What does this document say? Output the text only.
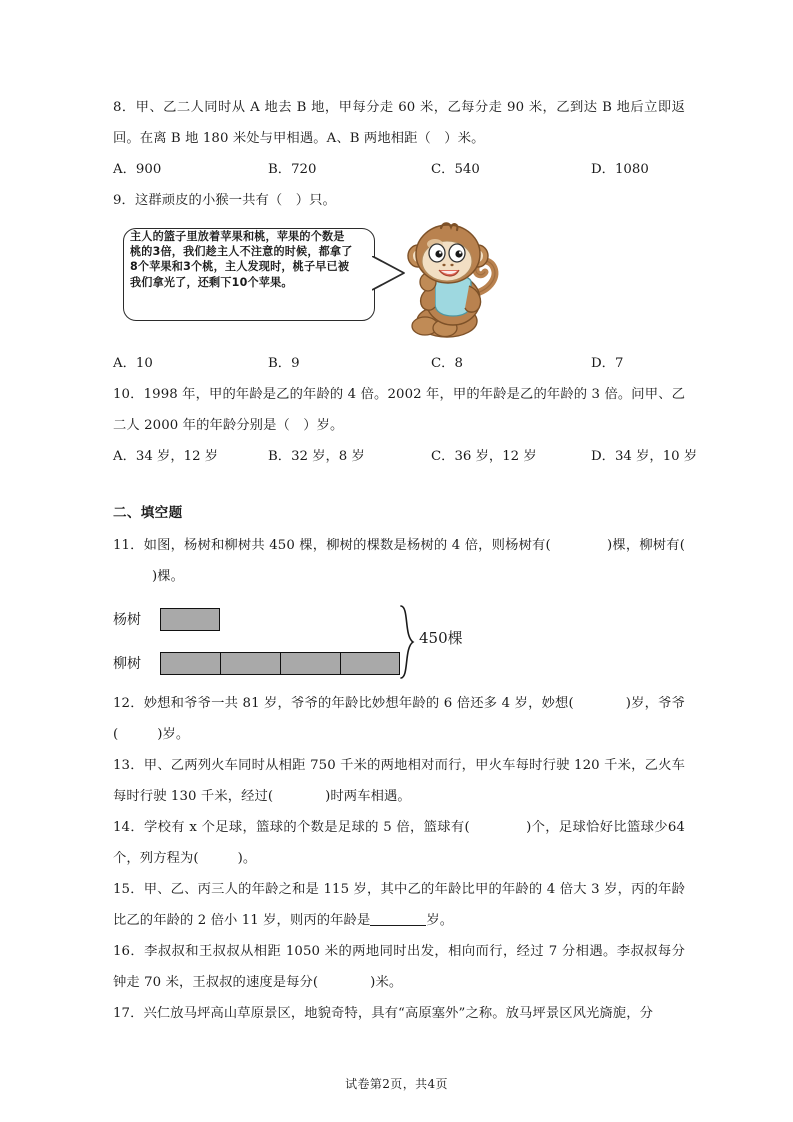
8．甲、乙二人同时从 A 地去 B 地，甲每分走 60 米，乙每分走 90 米，乙到达 B 地后立即返回。在离 B 地 180 米处与甲相遇。A、B 两地相距（　）米。
A．900	B．720	C．540	D．1080
9．这群顽皮的小猴一共有（　）只。
主人的篮子里放着苹果和桃，苹果的个数是桃的3倍，我们趁主人不注意的时候，都拿了8个苹果和3个桃，主人发现时，桃子早已被我们拿光了，还剩下10个苹果。
A．10	B．9	C．8	D．7
10．1998 年，甲的年龄是乙的年龄的 4 倍。2002 年，甲的年龄是乙的年龄的 3 倍。问甲、乙二人 2000 年的年龄分别是（　）岁。
A．34 岁，12 岁	B．32 岁，8 岁	C．36 岁，12 岁	D．34 岁，10 岁
二、填空题
11．如图，杨树和柳树共 450 棵，柳树的棵数是杨树的 4 倍，则杨树有(	)棵，柳树有(         )棵。
杨树
柳树
450棵
12．妙想和爷爷一共 81 岁，爷爷的年龄比妙想年龄的 6 倍还多 4 岁，妙想(	)岁，爷爷(	)岁。
13．甲、乙两列火车同时从相距 750 千米的两地相对而行，甲火车每时行驶 120 千米，乙火车每时行驶 130 千米，经过(	)时两车相遇。
14．学校有 x 个足球，篮球的个数是足球的 5 倍，篮球有(	)个，足球恰好比篮球少64 个，列方程为(	)。
15．甲、乙、丙三人的年龄之和是 115 岁，其中乙的年龄比甲的年龄的 4 倍大 3 岁，丙的年龄比乙的年龄的 2 倍小 11 岁，则丙的年龄是	岁。
16．李叔叔和王叔叔从相距 1050 米的两地同时出发，相向而行，经过 7 分相遇。李叔叔每分钟走 70 米，王叔叔的速度是每分(	)米。
17．兴仁放马坪高山草原景区，地貌奇特，具有“高原塞外”之称。放马坪景区风光旖旎，分
试卷第2页，共4页
